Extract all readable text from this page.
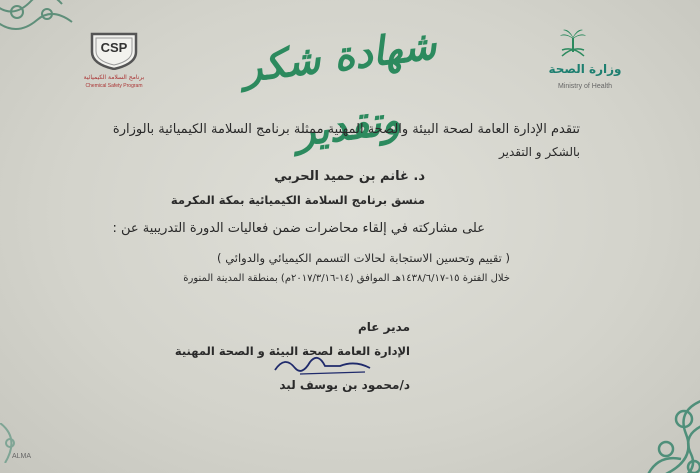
وزارة الصحة
Ministry of Health
CSP
برنامج السلامة الكيميائية
Chemical Safety Program	شهادة شكر وتقدير
تتقدم الإدارة العامة لصحة البيئة والصحة المهنية ممثلة برنامج السلامة الكيميائية بالوزارة
بالشكر و التقدير
د. غانم بن حميد الحربي
منسق برنامج السلامة الكيميائية بمكة المكرمة
على مشاركته في إلقاء محاضرات ضمن فعاليات الدورة التدريبية عن :
( تقييم وتحسين الاستجابة لحالات التسمم الكيميائي والدوائي )
خلال الفترة ١٥-١٤٣٨/٦/١٧هـ الموافق (١٤-٢٠١٧/٣/١٦م) بمنطقة المدينة المنورة
مدير عام
الإدارة العامة لصحة البيئة و الصحة المهنية
د/محمود بن يوسف لبد
ALMA
